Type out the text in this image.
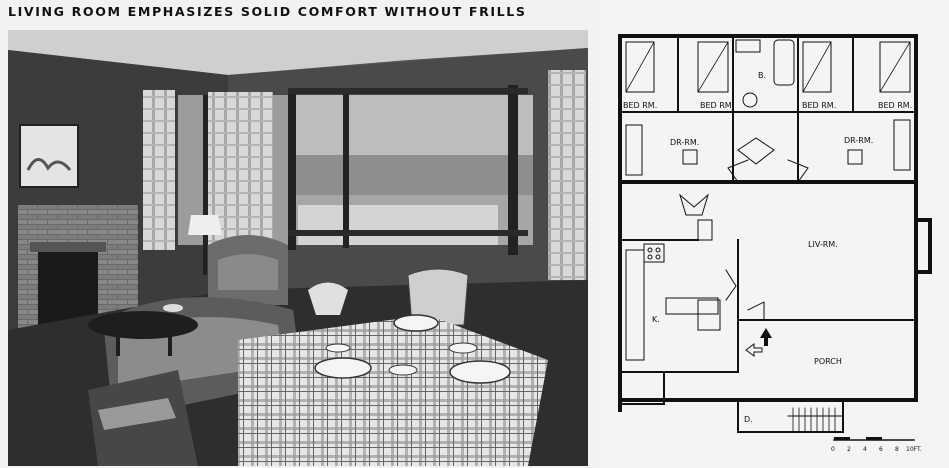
LIVING ROOM EMPHASIZES SOLID COMFORT WITHOUT FRILLS
BED RM.	BED RM.
B.
BED RM.	BED RM.
DR-RM.	DR-RM.
LIV-RM.
K.
PORCH
D.
0 2 4 6 8 10FT.
